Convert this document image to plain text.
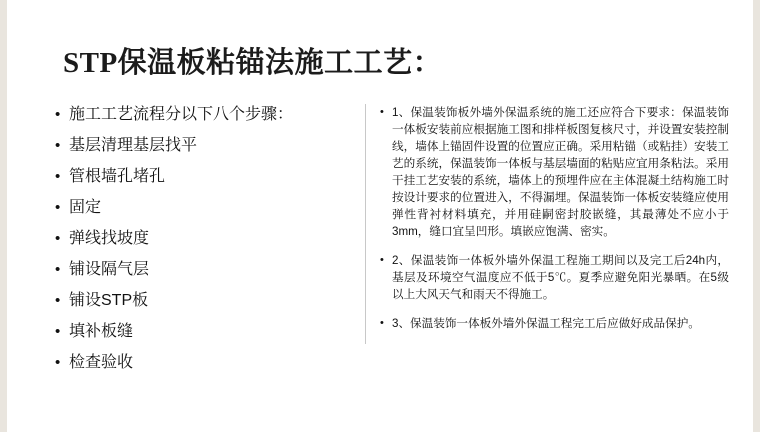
STP保温板粘锚法施工工艺：
• 施工工艺流程分以下八个步骤：
• 基层清理基层找平
• 管根墙孔堵孔
• 固定
• 弹线找坡度
• 铺设隔气层
• 铺设STP板
• 填补板缝
• 检查验收
• 1、保温装饰板外墙外保温系统的施工还应符合下要求：保温装饰一体板安装前应根据施工图和排样板图复核尺寸，并设置安装控制线，墙体上锚固件设置的位置应正确。采用粘锚（或粘挂）安装工艺的系统，保温装饰一体板与基层墙面的粘贴应宜用条粘法。采用干挂工艺安装的系统，墙体上的预埋件应在主体混凝土结构施工时按设计要求的位置进入，不得漏埋。保温装饰一体板安装缝应使用弹性背衬材料填充，并用硅嗣密封胶嵌缝，其最薄处不应小于3mm，缝口宜呈凹形。填嵌应饱满、密实。
• 2、保温装饰一体板外墙外保温工程施工期间以及完工后24h内，基层及环境空气温度应不低于5℃。夏季应避免阳光暴晒。在5级以上大风天气和雨天不得施工。
• 3、保温装饰一体板外墙外保温工程完工后应做好成品保护。
